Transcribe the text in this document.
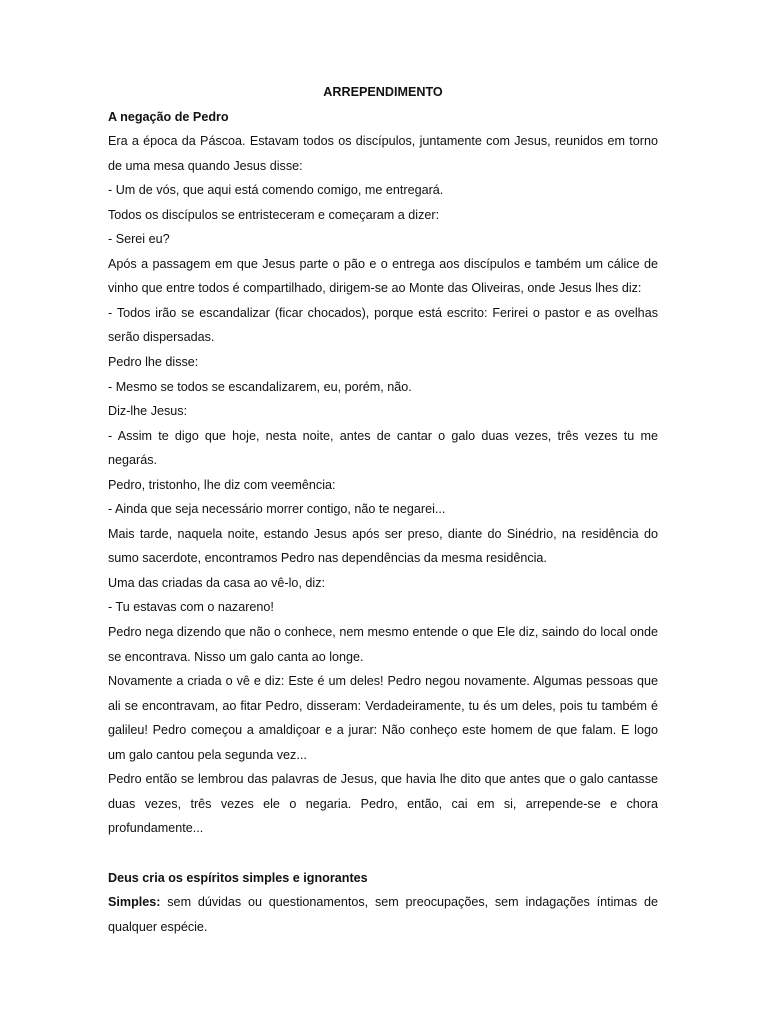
ARREPENDIMENTO

A negação de Pedro

Era a época da Páscoa. Estavam todos os discípulos, juntamente com Jesus, reunidos em torno de uma mesa quando Jesus disse:

- Um de vós, que aqui está comendo comigo, me entregará.

Todos os discípulos se entristeceram e começaram a dizer:

- Serei eu?

Após a passagem em que Jesus parte o pão e o entrega aos discípulos e também um cálice de vinho que entre todos é compartilhado, dirigem-se ao Monte das Oliveiras, onde Jesus lhes diz:

- Todos irão se escandalizar (ficar chocados), porque está escrito: Ferirei o pastor e as ovelhas serão dispersadas.

Pedro lhe disse:

- Mesmo se todos se escandalizarem, eu, porém, não.

Diz-lhe Jesus:

- Assim te digo que hoje, nesta noite, antes de cantar o galo duas vezes, três vezes tu me negarás.

Pedro, tristonho, lhe diz com veemência:

- Ainda que seja necessário morrer contigo, não te negarei...

Mais tarde, naquela noite, estando Jesus após ser preso, diante do Sinédrio, na residência do sumo sacerdote, encontramos Pedro nas dependências da mesma residência.

Uma das criadas da casa ao vê-lo, diz:

- Tu estavas com o nazareno!

Pedro nega dizendo que não o conhece, nem mesmo entende o que Ele diz, saindo do local onde se encontrava. Nisso um galo canta ao longe.

Novamente a criada o vê e diz: Este é um deles! Pedro negou novamente. Algumas pessoas que ali se encontravam, ao fitar Pedro, disseram: Verdadeiramente, tu és um deles, pois tu também é galileu! Pedro começou a amaldiçoar e a jurar: Não conheço este homem de que falam. E logo um galo cantou pela segunda vez...

Pedro então se lembrou das palavras de Jesus, que havia lhe dito que antes que o galo cantasse duas vezes, três vezes ele o negaria. Pedro, então, cai em si, arrepende-se e chora profundamente...

Deus cria os espíritos simples e ignorantes

Simples: sem dúvidas ou questionamentos, sem preocupações, sem indagações íntimas de qualquer espécie.
